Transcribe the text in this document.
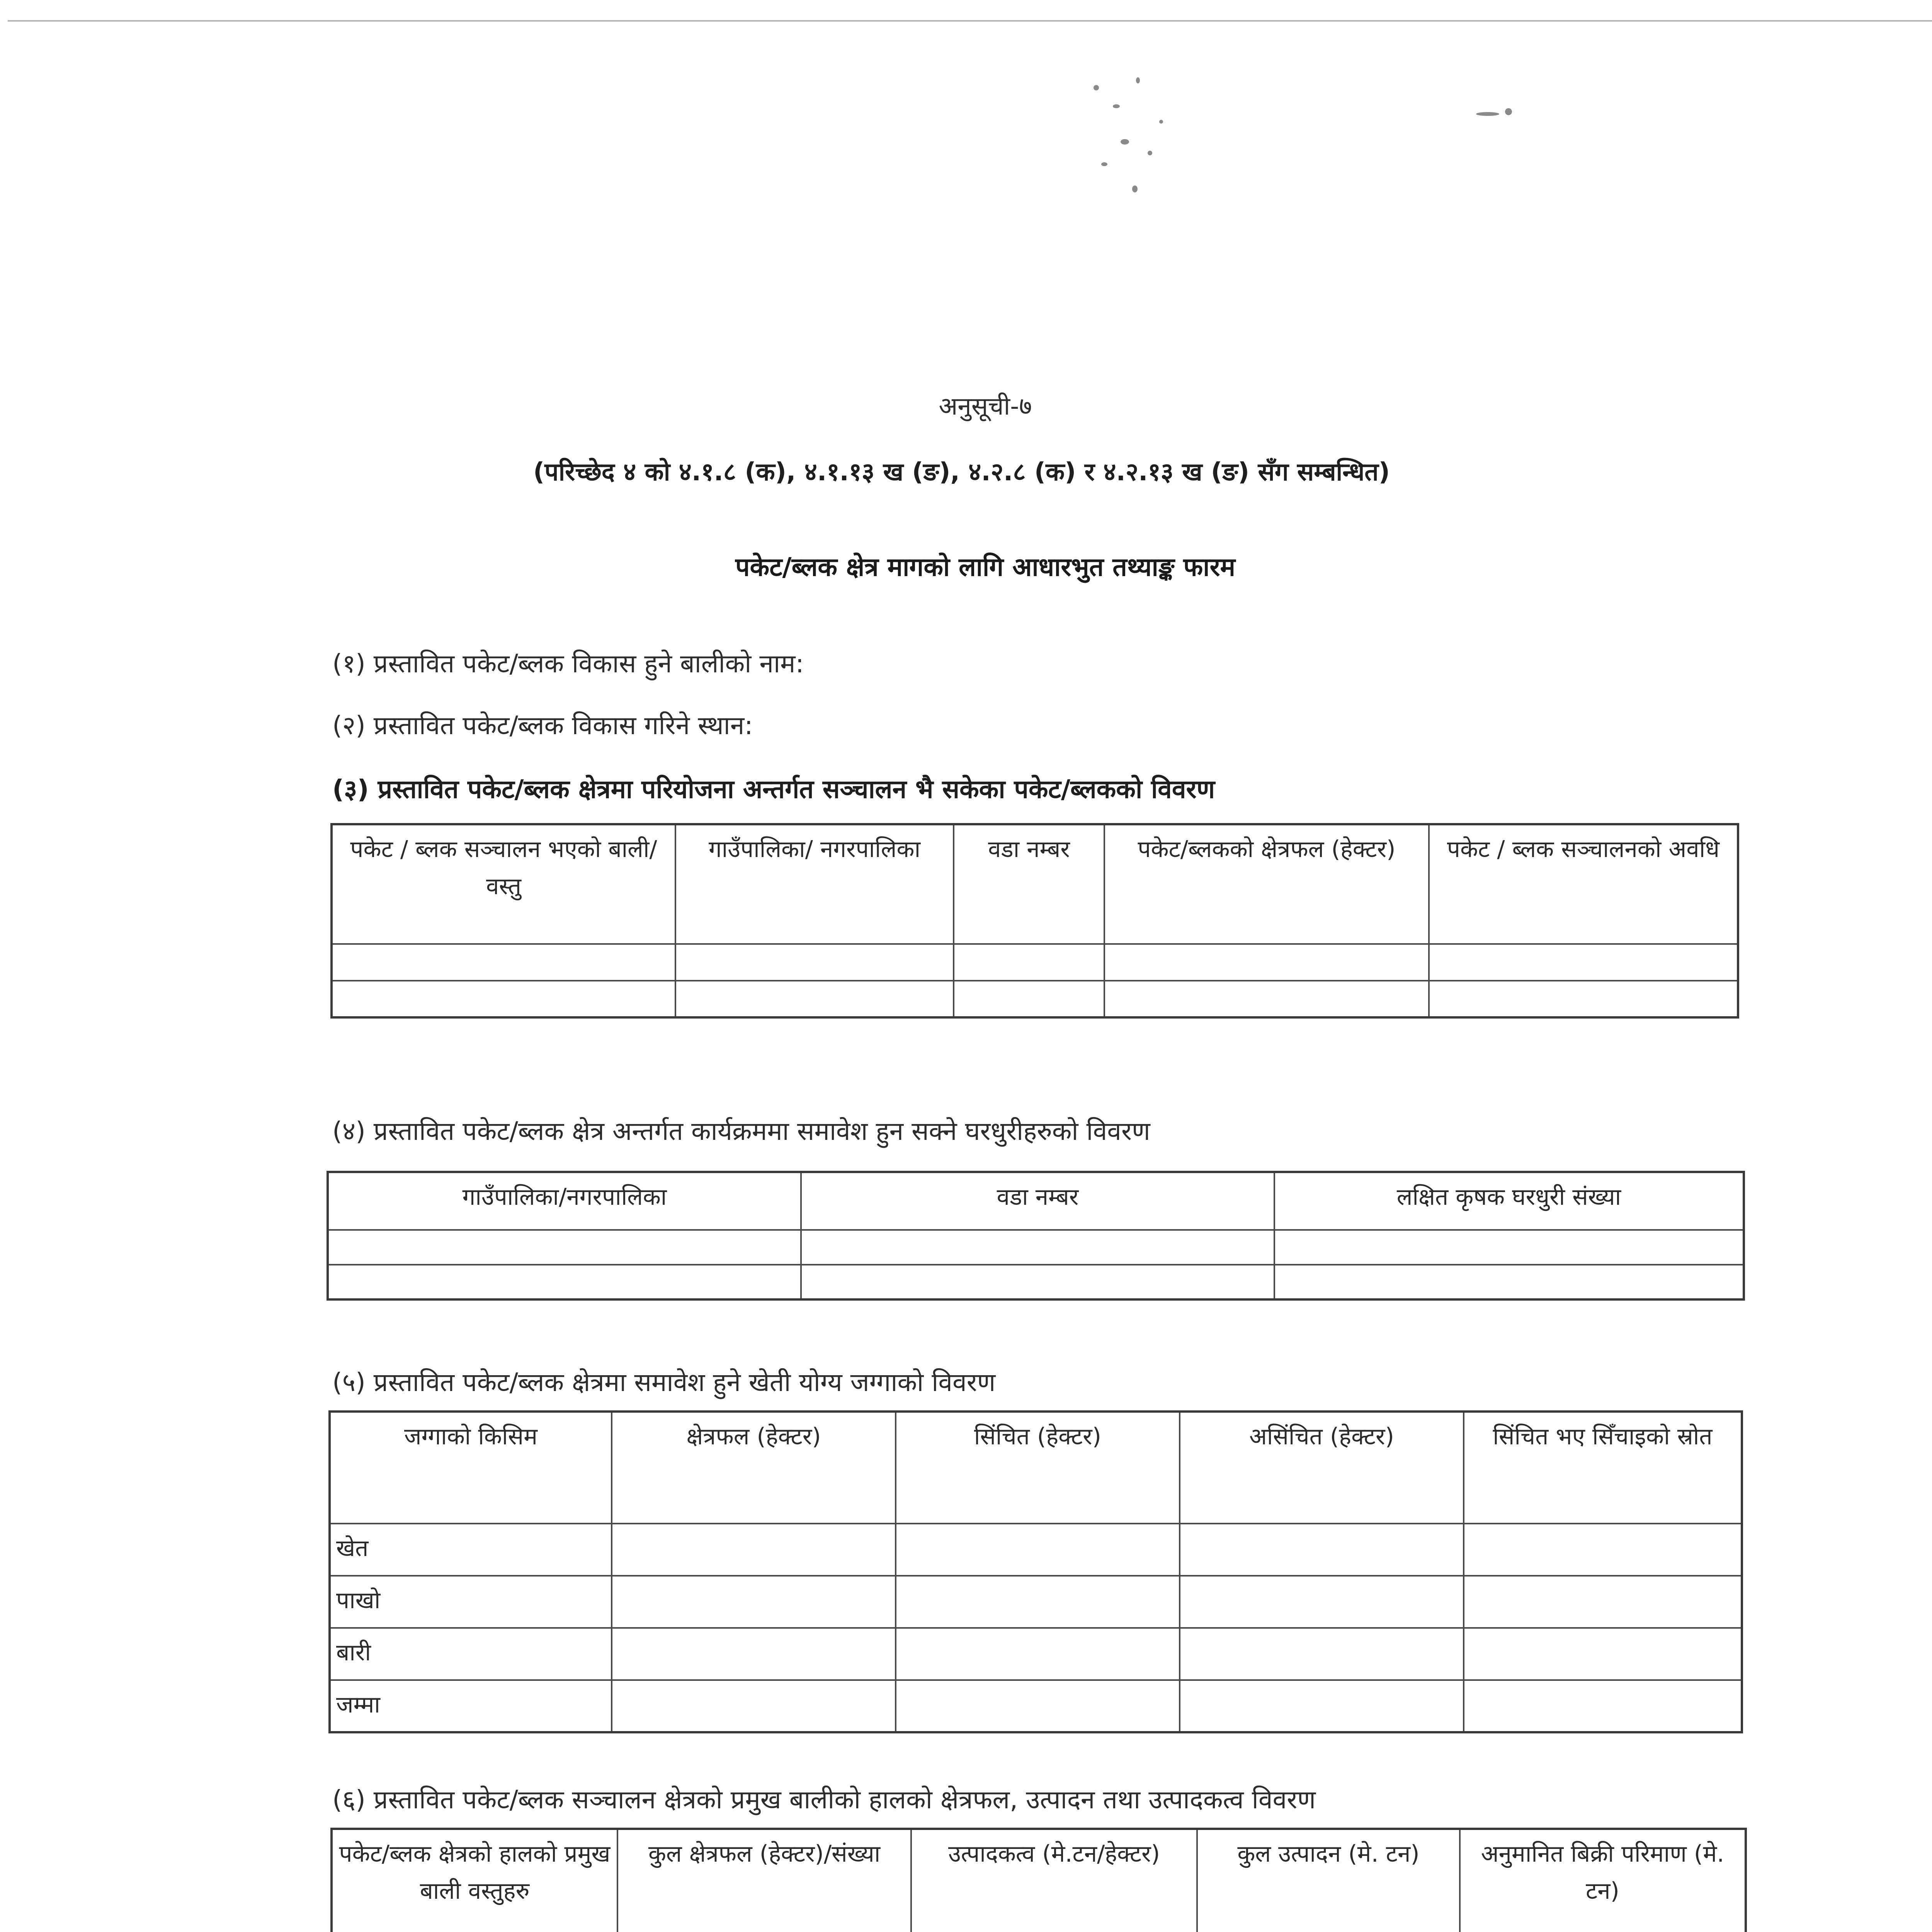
अनुसूची-७
(परिच्छेद ४ को ४.१.८ (क), ४.१.१३ ख (ङ), ४.२.८ (क) र ४.२.१३ ख (ङ) सँग सम्बन्धित)
पकेट/ब्लक क्षेत्र मागको लागि आधारभुत तथ्याङ्क फारम
(१) प्रस्तावित पकेट/ब्लक विकास हुने बालीको नाम:
(२) प्रस्तावित पकेट/ब्लक विकास गरिने स्थान:
(३) प्रस्तावित पकेट/ब्लक क्षेत्रमा परियोजना अन्तर्गत सञ्चालन भै सकेका पकेट/ब्लकको विवरण
पकेट / ब्लक सञ्चालन भएको बाली/वस्तु	गाउँपालिका/ नगरपालिका	वडा नम्बर	पकेट/ब्लकको क्षेत्रफल (हेक्टर)	पकेट / ब्लक सञ्चालनको अवधि

(४) प्रस्तावित पकेट/ब्लक क्षेत्र अन्तर्गत कार्यक्रममा समावेश हुन सक्ने घरधुरीहरुको विवरण
गाउँपालिका/नगरपालिका	वडा नम्बर	लक्षित कृषक घरधुरी संख्या

(५) प्रस्तावित पकेट/ब्लक क्षेत्रमा समावेश हुने खेती योग्य जग्गाको विवरण
जग्गाको किसिम	क्षेत्रफल (हेक्टर)	सिंचित (हेक्टर)	असिंचित (हेक्टर)	सिंचित भए सिँचाइको स्रोत
खेत				
पाखो				
बारी				
जम्मा				
(६) प्रस्तावित पकेट/ब्लक सञ्चालन क्षेत्रको प्रमुख बालीको हालको क्षेत्रफल, उत्पादन तथा उत्पादकत्व विवरण
पकेट/ब्लक क्षेत्रको हालको प्रमुख बाली वस्तुहरु	कुल क्षेत्रफल (हेक्टर)/संख्या	उत्पादकत्व (मे.टन/हेक्टर)	कुल उत्पादन (मे. टन)	अनुमानित बिक्री परिमाण (मे. टन)
